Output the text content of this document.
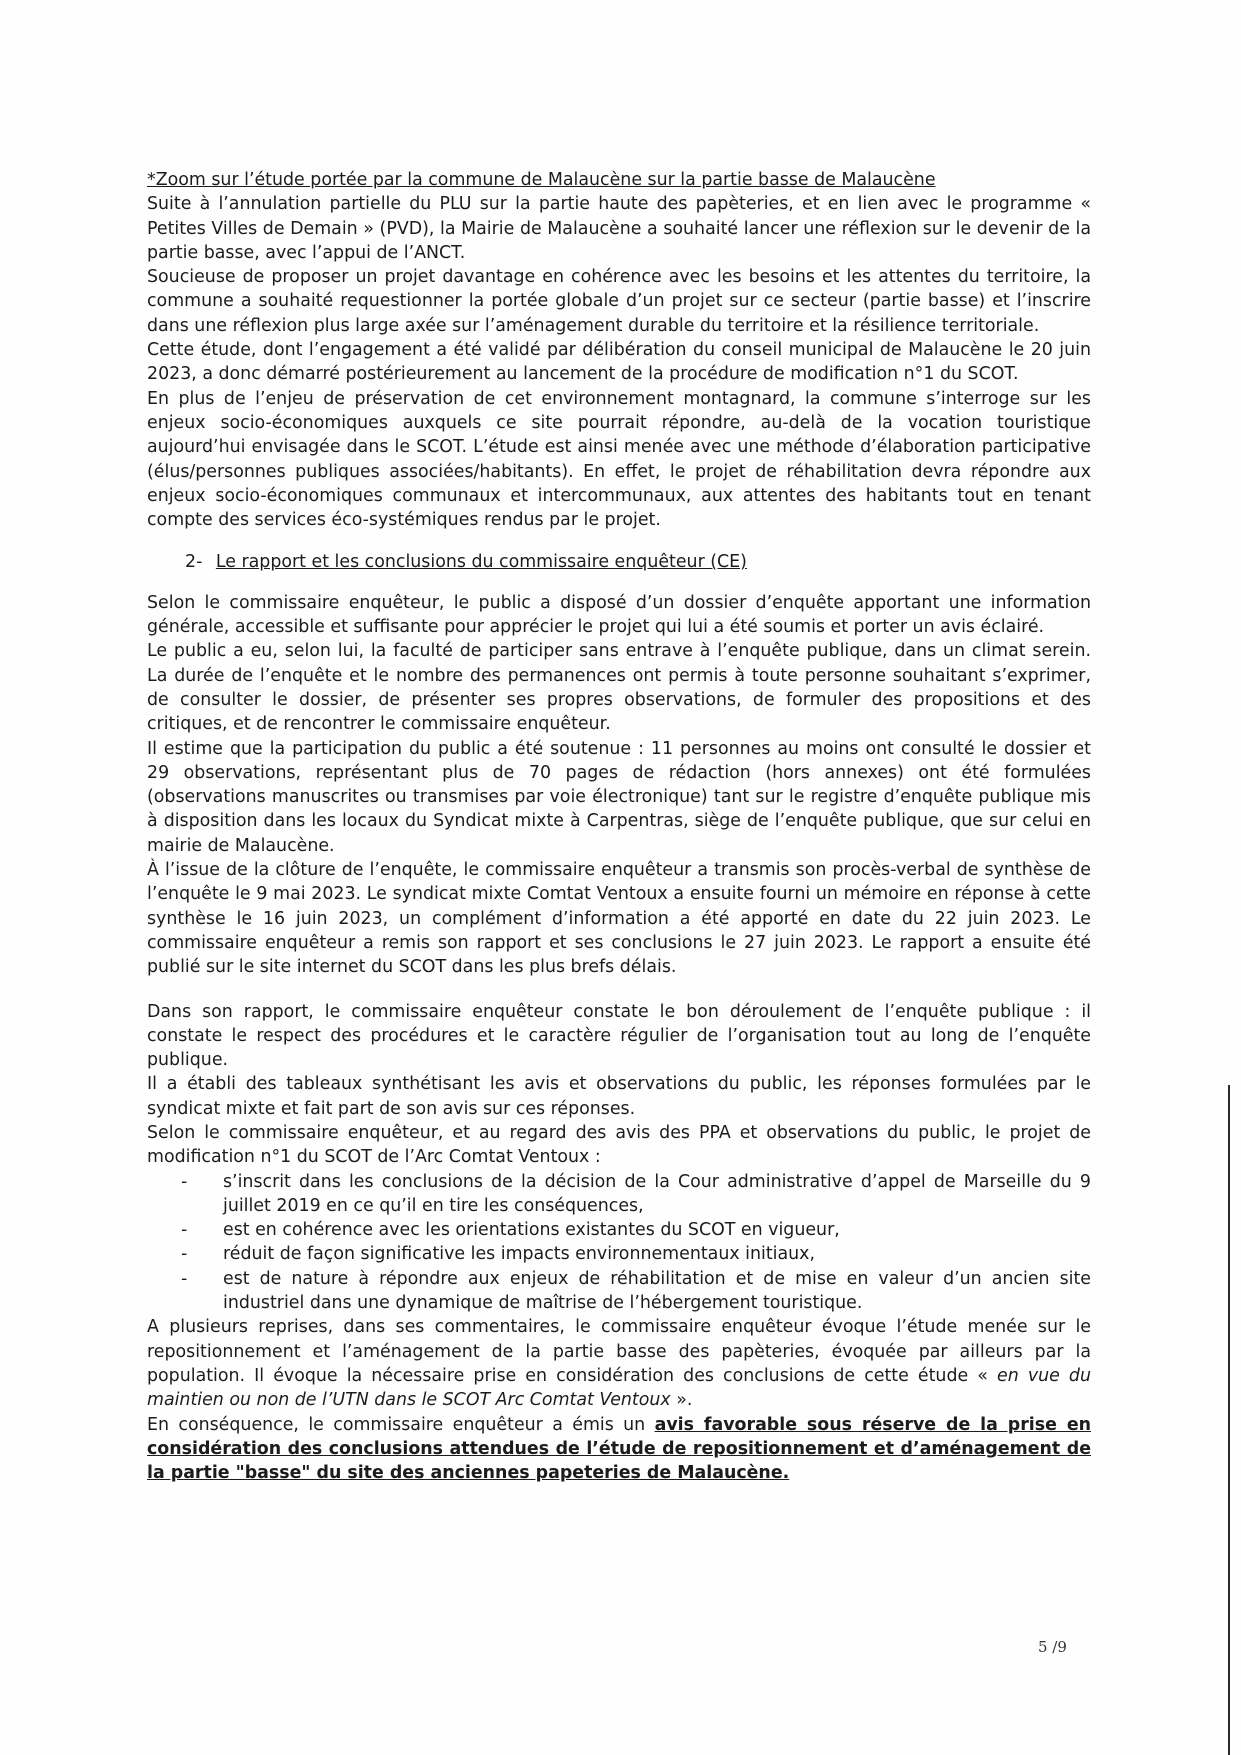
*Zoom sur l’étude portée par la commune de Malaucène sur la partie basse de Malaucène

Suite à l’annulation partielle du PLU sur la partie haute des papèteries, et en lien avec le programme « Petites Villes de Demain » (PVD), la Mairie de Malaucène a souhaité lancer une réflexion sur le devenir de la partie basse, avec l’appui de l’ANCT.

Soucieuse de proposer un projet davantage en cohérence avec les besoins et les attentes du territoire, la commune a souhaité requestionner la portée globale d’un projet sur ce secteur (partie basse) et l’inscrire dans une réflexion plus large axée sur l’aménagement durable du territoire et la résilience territoriale.

Cette étude, dont l’engagement a été validé par délibération du conseil municipal de Malaucène le 20 juin 2023, a donc démarré postérieurement au lancement de la procédure de modification n°1 du SCOT.

En plus de l’enjeu de préservation de cet environnement montagnard, la commune s’interroge sur les enjeux socio-économiques auxquels ce site pourrait répondre, au-delà de la vocation touristique aujourd’hui envisagée dans le SCOT. L’étude est ainsi menée avec une méthode d’élaboration participative (élus/personnes publiques associées/habitants). En effet, le projet de réhabilitation devra répondre aux enjeux socio-économiques communaux et intercommunaux, aux attentes des habitants tout en tenant compte des services éco-systémiques rendus par le projet.

2- Le rapport et les conclusions du commissaire enquêteur (CE)

Selon le commissaire enquêteur, le public a disposé d’un dossier d’enquête apportant une information générale, accessible et suffisante pour apprécier le projet qui lui a été soumis et porter un avis éclairé.

Le public a eu, selon lui, la faculté de participer sans entrave à l’enquête publique, dans un climat serein. La durée de l’enquête et le nombre des permanences ont permis à toute personne souhaitant s’exprimer, de consulter le dossier, de présenter ses propres observations, de formuler des propositions et des critiques, et de rencontrer le commissaire enquêteur.

Il estime que la participation du public a été soutenue : 11 personnes au moins ont consulté le dossier et 29 observations, représentant plus de 70 pages de rédaction (hors annexes) ont été formulées (observations manuscrites ou transmises par voie électronique) tant sur le registre d’enquête publique mis à disposition dans les locaux du Syndicat mixte à Carpentras, siège de l’enquête publique, que sur celui en mairie de Malaucène.

À l’issue de la clôture de l’enquête, le commissaire enquêteur a transmis son procès-verbal de synthèse de l’enquête le 9 mai 2023. Le syndicat mixte Comtat Ventoux a ensuite fourni un mémoire en réponse à cette synthèse le 16 juin 2023, un complément d’information a été apporté en date du 22 juin 2023. Le commissaire enquêteur a remis son rapport et ses conclusions le 27 juin 2023. Le rapport a ensuite été publié sur le site internet du SCOT dans les plus brefs délais.

Dans son rapport, le commissaire enquêteur constate le bon déroulement de l’enquête publique : il constate le respect des procédures et le caractère régulier de l’organisation tout au long de l’enquête publique.

Il a établi des tableaux synthétisant les avis et observations du public, les réponses formulées par le syndicat mixte et fait part de son avis sur ces réponses.

Selon le commissaire enquêteur, et au regard des avis des PPA et observations du public, le projet de modification n°1 du SCOT de l’Arc Comtat Ventoux :

- s’inscrit dans les conclusions de la décision de la Cour administrative d’appel de Marseille du 9 juillet 2019 en ce qu’il en tire les conséquences,
- est en cohérence avec les orientations existantes du SCOT en vigueur,
- réduit de façon significative les impacts environnementaux initiaux,
- est de nature à répondre aux enjeux de réhabilitation et de mise en valeur d’un ancien site industriel dans une dynamique de maîtrise de l’hébergement touristique.

A plusieurs reprises, dans ses commentaires, le commissaire enquêteur évoque l’étude menée sur le repositionnement et l’aménagement de la partie basse des papèteries, évoquée par ailleurs par la population. Il évoque la nécessaire prise en considération des conclusions de cette étude « en vue du maintien ou non de l’UTN dans le SCOT Arc Comtat Ventoux ».

En conséquence, le commissaire enquêteur a émis un avis favorable sous réserve de la prise en considération des conclusions attendues de l’étude de repositionnement et d’aménagement de la partie "basse" du site des anciennes papeteries de Malaucène.

5 /9
